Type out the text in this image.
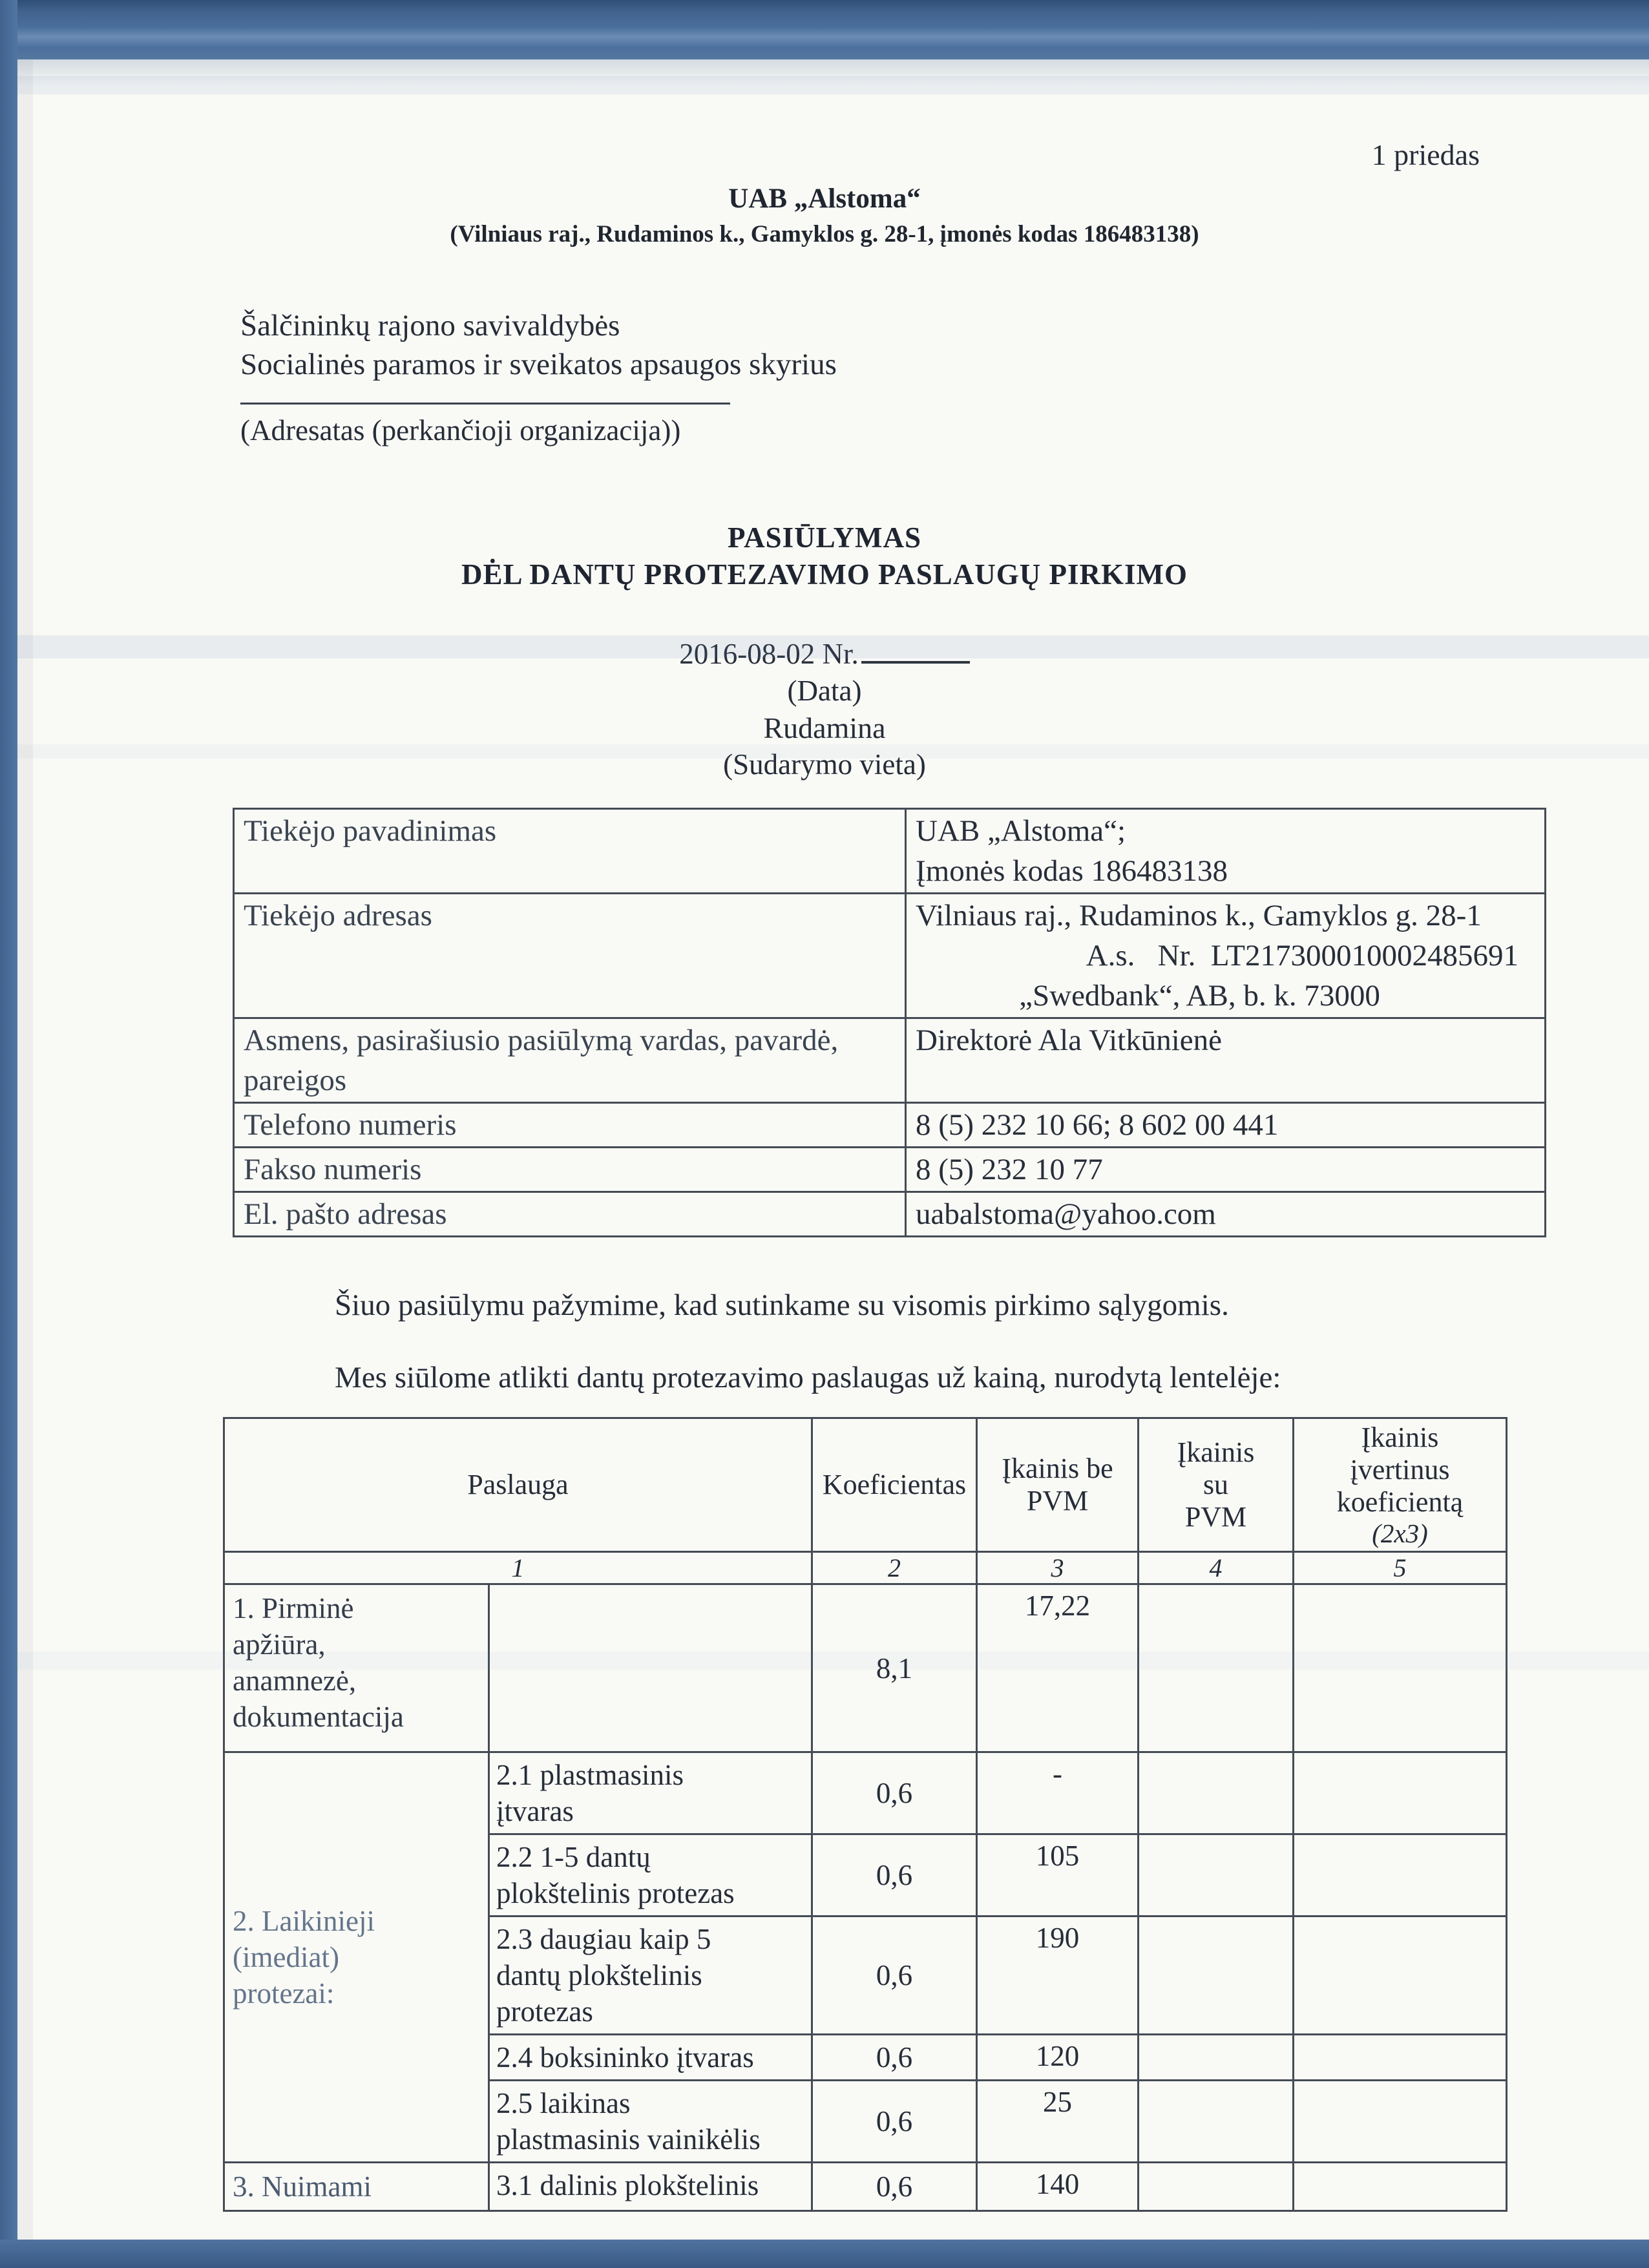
1 priedas
UAB „Alstoma“
(Vilniaus raj., Rudaminos k., Gamyklos g. 28-1, įmonės kodas 186483138)
Šalčininkų rajono savivaldybės
Socialinės paramos ir sveikatos apsaugos skyrius
(Adresatas (perkančioji organizacija))
PASIŪLYMAS
DĖL DANTŲ PROTEZAVIMO PASLAUGŲ PIRKIMO
2016-08-02 Nr.
(Data)
Rudamina
(Sudarymo vieta)
Tiekėjo pavadinimas	UAB „Alstoma“;
Įmonės kodas 186483138

Tiekėjo adresas	Vilniaus raj., Rudaminos k., Gamyklos g. 28-1
A.s.   Nr.  LT217300010002485691
„Swedbank“, AB, b. k. 73000

Asmens, pasirašiusio pasiūlymą vardas, pavardė,
pareigos	Direktorė Ala Vitkūnienė

Telefono numeris	8 (5) 232 10 66; 8 602 00 441

Fakso numeris	8 (5) 232 10 77

El. pašto adresas	uabalstoma@yahoo.com
Šiuo pasiūlymu pažymime, kad sutinkame su visomis pirkimo sąlygomis.
Mes siūlome atlikti dantų protezavimo paslaugas už kainą, nurodytą lentelėje:
Paslauga	Koeficientas	
Įkainis be
PVM

Įkainis
su
PVM

Įkainis
įvertinus
koeficientą
(2x3)

1		2	3	4	5

1. Pirminė
apžiūra,
anamnezė,
dokumentacija		8,1	17,22		

2. Laikinieji
(imediat)
protezai:

2.1 plastmasinis
įtvaras
	0,6	-		

	2.2 1-5 dantų
plokštelinis protezas	0,6	105		

	2.3 daugiau kaip 5
dantų plokštelinis
protezas	0,6	190		

	2.4 boksininko įtvaras	0,6	120		

	2.5 laikinas
plastmasinis vainikėlis	0,6	25		

3. Nuimami	3.1 dalinis plokštelinis	0,6	140		
